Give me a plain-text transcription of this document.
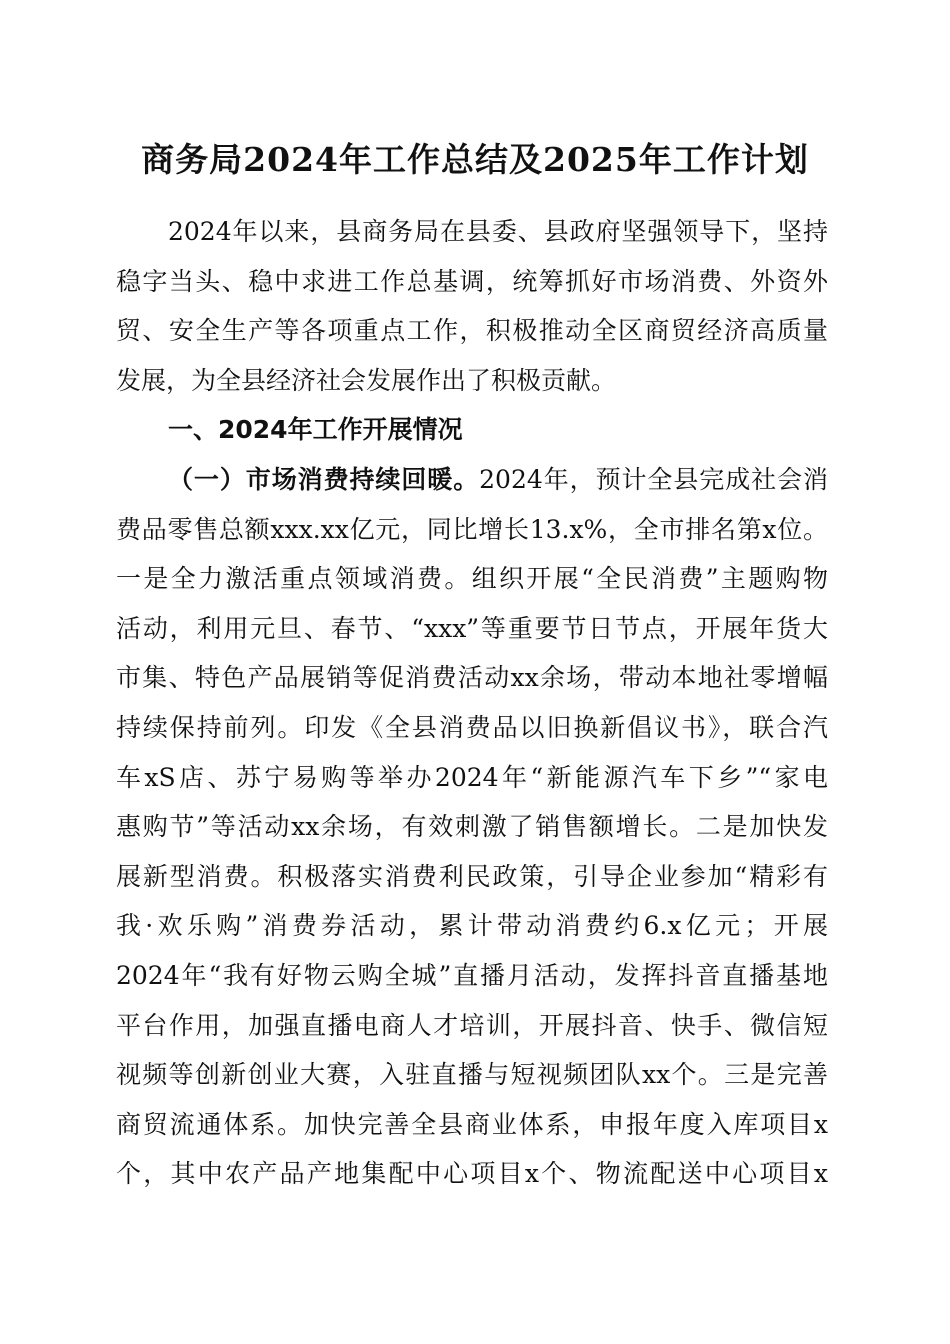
商务局2024年工作总结及2025年工作计划
2024年以来，县商务局在县委、县政府坚强领导下，坚持
稳字当头、稳中求进工作总基调，统筹抓好市场消费、外资外
贸、安全生产等各项重点工作，积极推动全区商贸经济高质量
发展，为全县经济社会发展作出了积极贡献。
一、2024年工作开展情况
（一）市场消费持续回暖。2024年，预计全县完成社会消
费品零售总额xxx.xx亿元，同比增长13.x%，全市排名第x位。
一是全力激活重点领域消费。组织开展“全民消费”主题购物
活动，利用元旦、春节、“xxx”等重要节日节点，开展年货大
市集、特色产品展销等促消费活动xx余场，带动本地社零增幅
持续保持前列。印发《全县消费品以旧换新倡议书》，联合汽
车xS店、苏宁易购等举办2024年“新能源汽车下乡”“家电
惠购节”等活动xx余场，有效刺激了销售额增长。二是加快发
展新型消费。积极落实消费利民政策，引导企业参加“精彩有
我·欢乐购”消费券活动，累计带动消费约6.x亿元；开展
2024年“我有好物云购全城”直播月活动，发挥抖音直播基地
平台作用，加强直播电商人才培训，开展抖音、快手、微信短
视频等创新创业大赛，入驻直播与短视频团队xx个。三是完善
商贸流通体系。加快完善全县商业体系，申报年度入库项目x
个，其中农产品产地集配中心项目x个、物流配送中心项目x
